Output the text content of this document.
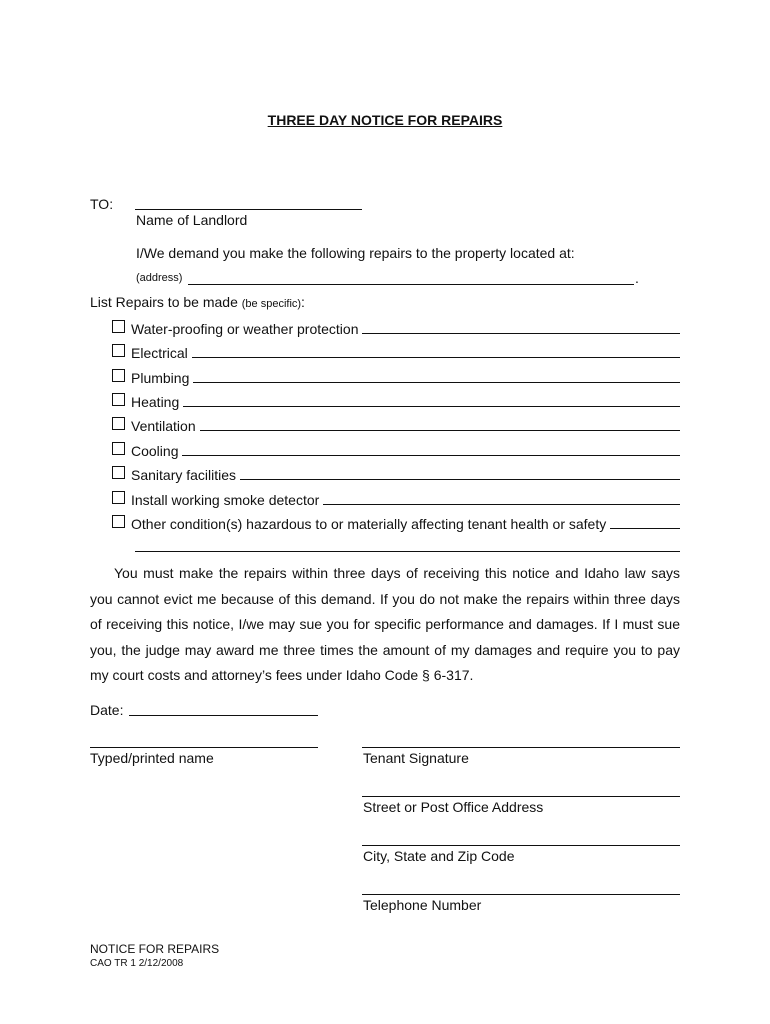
THREE DAY NOTICE FOR REPAIRS
TO:
Name of Landlord
I/We demand you make the following repairs to the property located at:
(address)	.
List Repairs to be made (be specific):
Water-proofing or weather protection
Electrical
Plumbing
Heating
Ventilation
Cooling
Sanitary facilities
Install working smoke detector
Other condition(s) hazardous to or materially affecting tenant health or safety
You must make the repairs within three days of receiving this notice and Idaho law says you cannot evict me because of this demand. If you do not make the repairs within three days of receiving this notice, I/we may sue you for specific performance and damages. If I must sue you, the judge may award me three times the amount of my damages and require you to pay my court costs and attorney’s fees under Idaho Code § 6-317.
Date:
Typed/printed name	Tenant Signature
Street or Post Office Address
City, State and Zip Code
Telephone Number
NOTICE FOR REPAIRS
CAO TR 1 2/12/2008
